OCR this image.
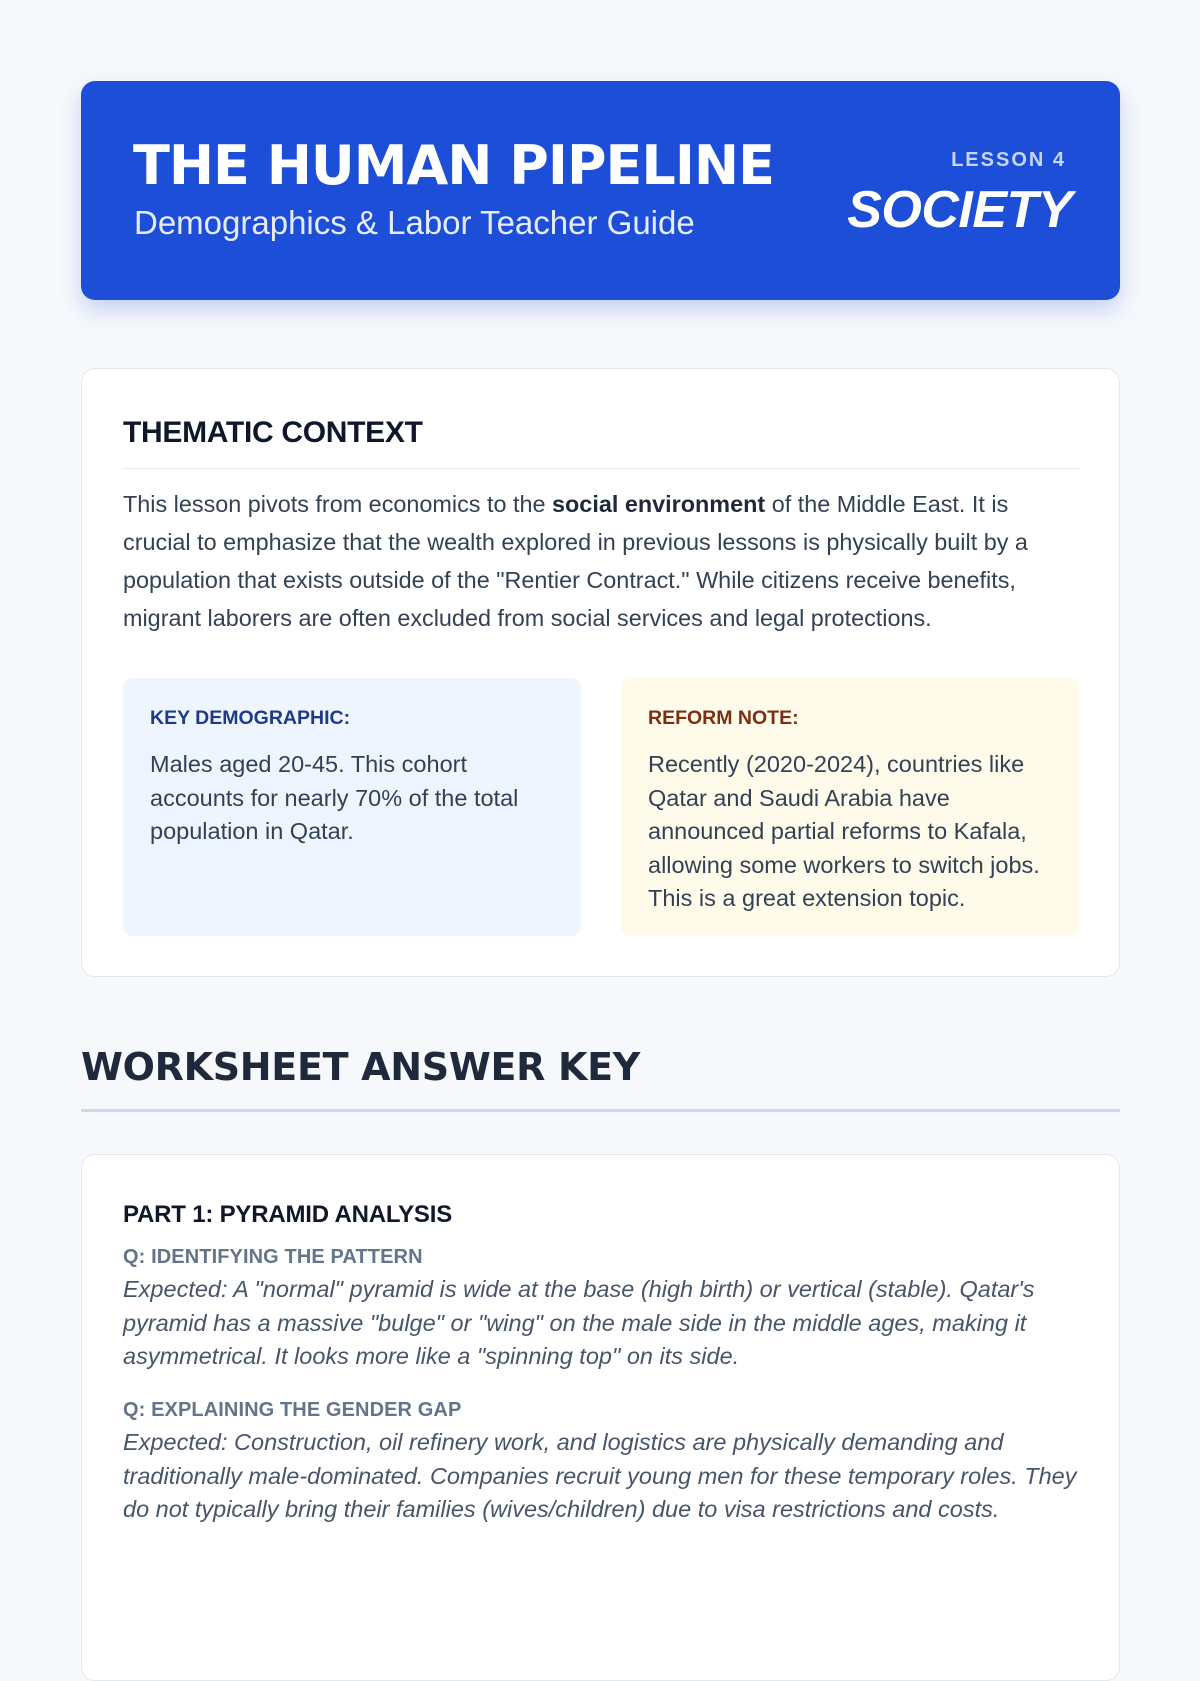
THE HUMAN PIPELINE
Demographics & Labor Teacher Guide
LESSON 4
SOCIETY
THEMATIC CONTEXT
This lesson pivots from economics to the social environment of the Middle East. It is crucial to emphasize that the wealth explored in previous lessons is physically built by a population that exists outside of the "Rentier Contract." While citizens receive benefits, migrant laborers are often excluded from social services and legal protections.
KEY DEMOGRAPHIC:
Males aged 20-45. This cohort accounts for nearly 70% of the total population in Qatar.
REFORM NOTE:
Recently (2020-2024), countries like Qatar and Saudi Arabia have announced partial reforms to Kafala, allowing some workers to switch jobs. This is a great extension topic.
WORKSHEET ANSWER KEY
PART 1: PYRAMID ANALYSIS
Q: IDENTIFYING THE PATTERN
Expected: A "normal" pyramid is wide at the base (high birth) or vertical (stable). Qatar's pyramid has a massive "bulge" or "wing" on the male side in the middle ages, making it asymmetrical. It looks more like a "spinning top" on its side.
Q: EXPLAINING THE GENDER GAP
Expected: Construction, oil refinery work, and logistics are physically demanding and traditionally male-dominated. Companies recruit young men for these temporary roles. They do not typically bring their families (wives/children) due to visa restrictions and costs.
